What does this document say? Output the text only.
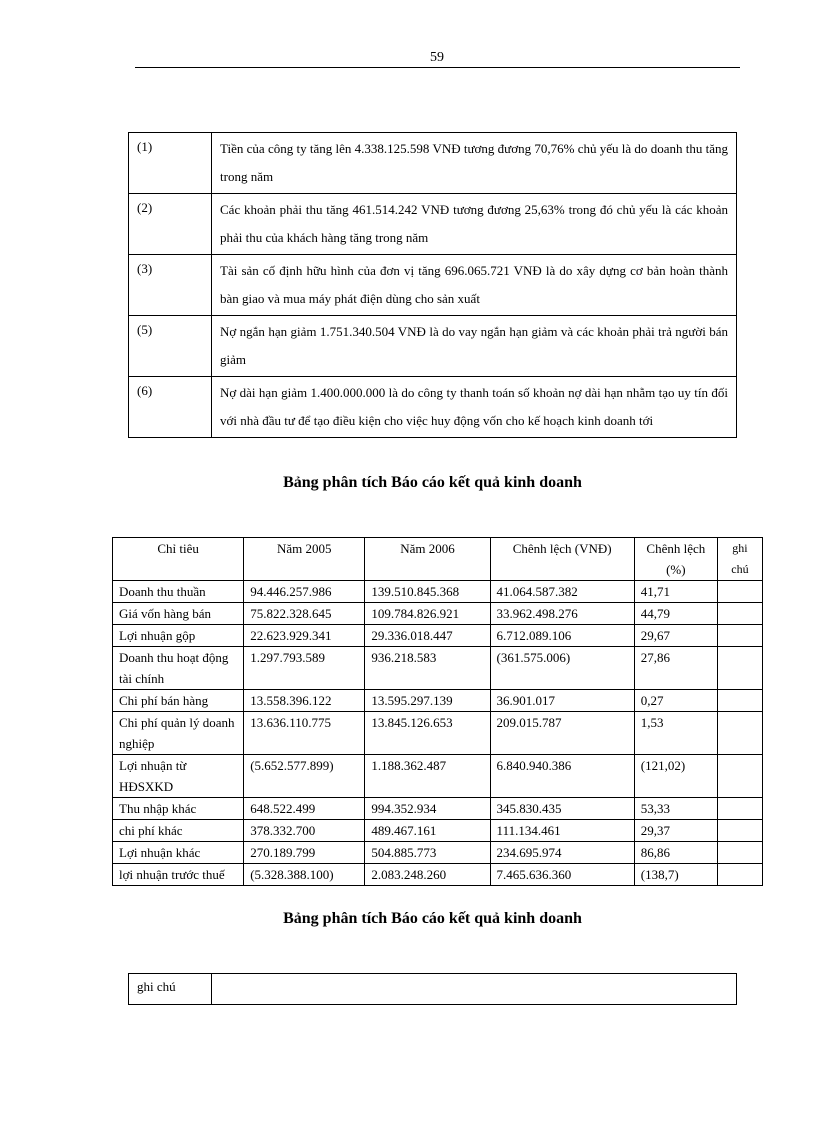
59
(1)	Tiền của công ty tăng lên 4.338.125.598 VNĐ tương đương 70,76% chủ yếu là do doanh thu tăng trong năm
(2)	Các khoản phải thu tăng 461.514.242 VNĐ tương đương 25,63% trong đó chủ yếu là các khoản phải thu của khách hàng tăng trong năm
(3)	Tài sản cố định hữu hình của đơn vị tăng 696.065.721 VNĐ là do xây dựng cơ bản hoàn thành bàn giao và mua máy phát điện dùng cho sản xuất
(5)	Nợ ngắn hạn giảm 1.751.340.504 VNĐ là do vay ngắn hạn giảm và các khoản phải trả người bán giảm
(6)	Nợ dài hạn giảm 1.400.000.000 là do công ty thanh toán số khoản nợ dài hạn nhằm tạo uy tín đối với nhà đầu tư để tạo điều kiện cho việc huy động vốn cho kế hoạch kinh doanh tới
Bảng phân tích Báo cáo kết quả kinh doanh
Chỉ tiêu	Năm 2005	Năm 2006	Chênh lệch (VNĐ)	Chênh lệch (%)	ghi chú
Doanh thu thuần	94.446.257.986	139.510.845.368	41.064.587.382	41,71	
Giá vốn hàng bán	75.822.328.645	109.784.826.921	33.962.498.276	44,79	
Lợi nhuận gộp	22.623.929.341	29.336.018.447	6.712.089.106	29,67	
Doanh thu hoạt động tài chính	1.297.793.589	936.218.583	(361.575.006)	27,86	
Chi phí bán hàng	13.558.396.122	13.595.297.139	36.901.017	0,27	
Chi phí quản lý doanh nghiệp	13.636.110.775	13.845.126.653	209.015.787	1,53	
Lợi nhuận từ HĐSXKD	(5.652.577.899)	1.188.362.487	6.840.940.386	(121,02)	
Thu nhập khác	648.522.499	994.352.934	345.830.435	53,33	
chi phí khác	378.332.700	489.467.161	111.134.461	29,37	
Lợi nhuận khác	270.189.799	504.885.773	234.695.974	86,86	
lợi nhuận trước thuế	(5.328.388.100)	2.083.248.260	7.465.636.360	(138,7)	
Bảng phân tích Báo cáo kết quả kinh doanh
ghi chú	
